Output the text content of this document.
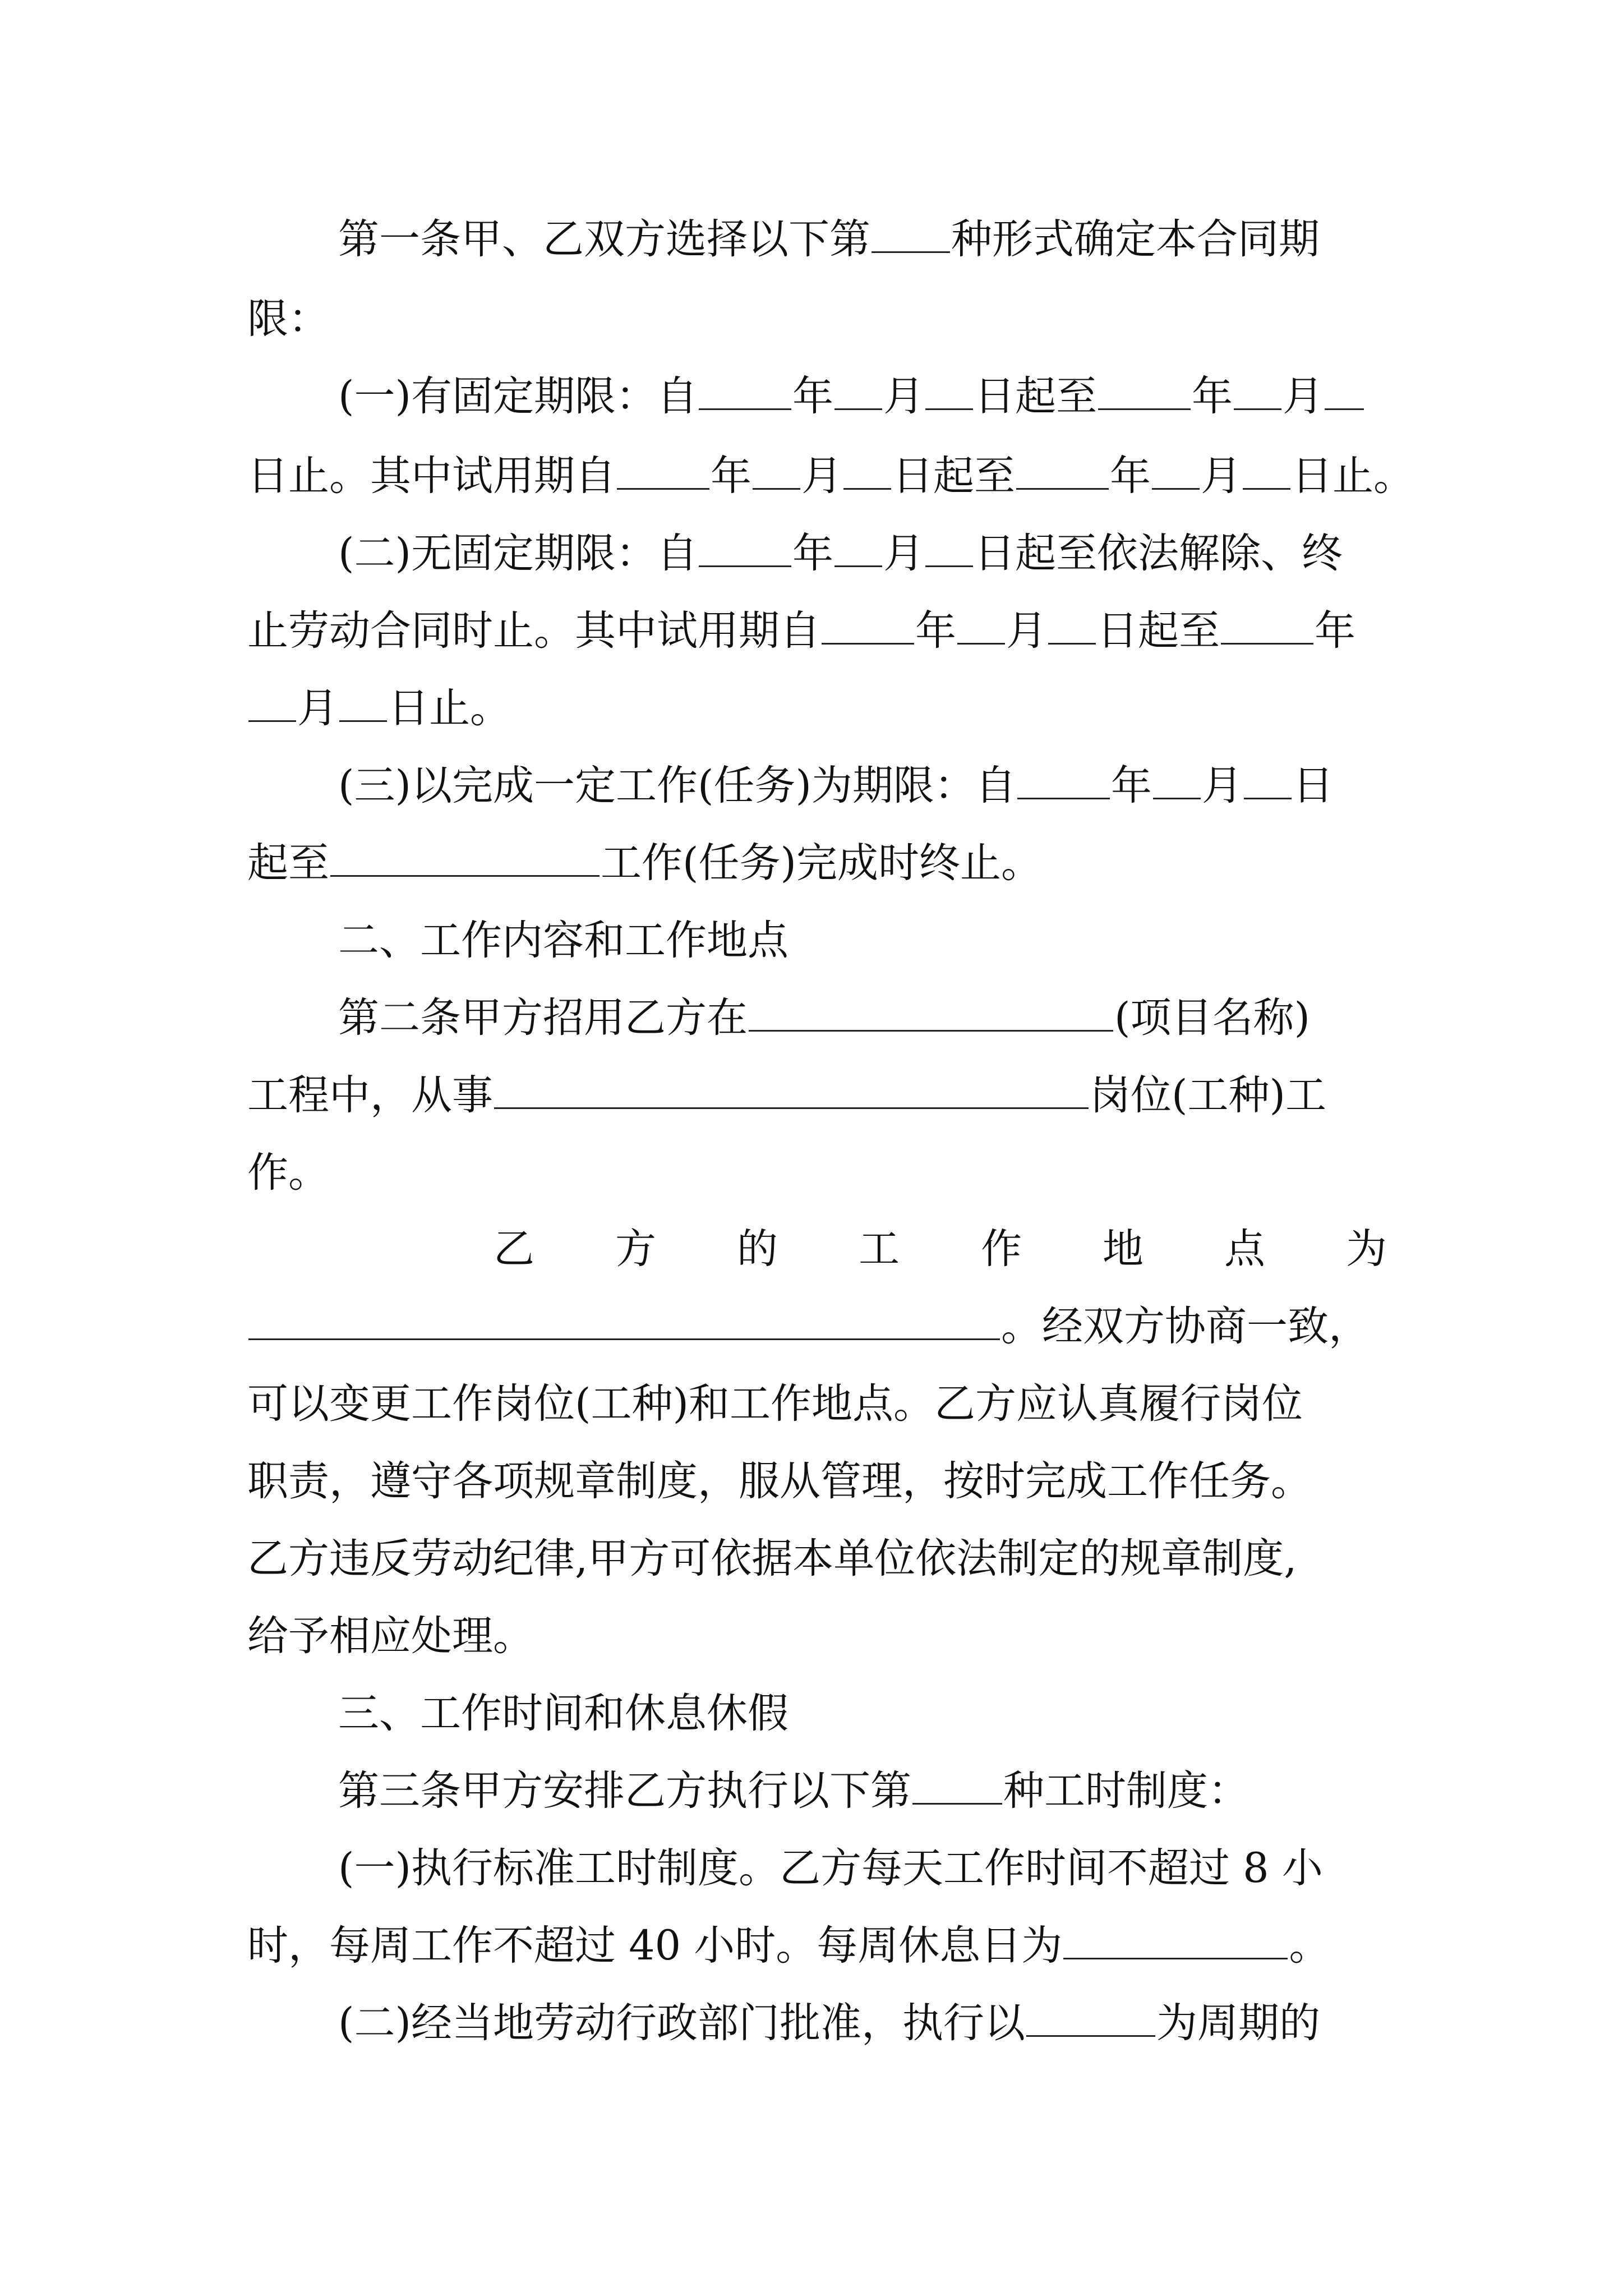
第一条甲、乙双方选择以下第 种形式确定本合同期
限：
(一)有固定期限：自 年 月 日起至 年 月
日止。其中试用期自 年 月 日起至 年 月 日止。
(二)无固定期限：自 年 月 日起至依法解除、终
止劳动合同时止。其中试用期自 年 月 日起至 年
月 日止。
(三)以完成一定工作(任务)为期限：自 年 月 日
起至	工作(任务)完成时终止。
二、工作内容和工作地点
第二条甲方招用乙方在	(项目名称)
工程中，从事	岗位(工种)工
作。
。经双方协商一致，
可以变更工作岗位(工种)和工作地点。乙方应认真履行岗位
职责，遵守各项规章制度，服从管理，按时完成工作任务。
乙方违反劳动纪律,甲方可依据本单位依法制定的规章制度,
给予相应处理。
三、工作时间和休息休假
第三条甲方安排乙方执行以下第 种工时制度：
(一)执行标准工时制度。乙方每天工作时间不超过 8 小
时，每周工作不超过 40 小时。每周休息日为	。
(二)经当地劳动行政部门批准，执行以	为周期的
乙 方 的 工 作 地 点 为
